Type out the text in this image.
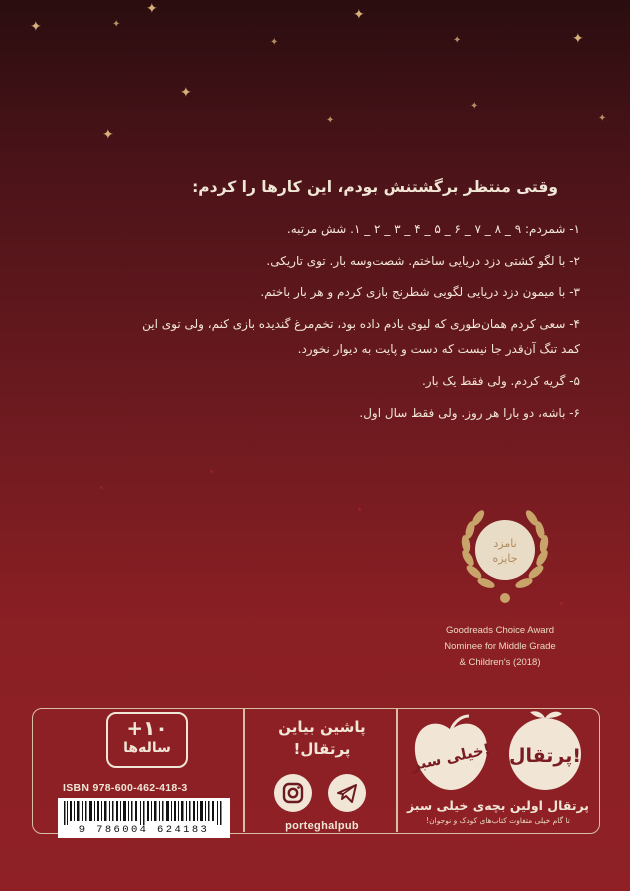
✦
✦
✦
✦
✦	✦
✦
✦
✦
✦
✦
✦
وقتی منتظر برگشتنش بودم، این کارها را کردم:
۱- شمردم: ۹ _ ۸ _ ۷ _ ۶ _ ۵ _ ۴ _ ۳ _ ۲ _ ۱. شش مرتبه.
۲- با لگو کشتی دزد دریایی ساختم. شصت‌وسه بار. توی تاریکی.
۳- با میمون دزد دریایی لگویی شطرنج بازی کردم و هر بار باختم.
۴- سعی کردم همان‌طوری که لیوی یادم داده بود، تخم‌مرغ گندیده بازی کنم، ولی توی این
کمد تنگ آن‌قدر جا نیست که دست و پایت به دیوار نخورد.
۵- گریه کردم. ولی فقط یک بار.
۶- باشه، دو بارا هر روز. ولی فقط سال اول.
نامزد
جایزه
Goodreads Choice Award
Nominee for Middle Grade
& Children's (2018)
+۱۰
ساله‌ها
ISBN 978-600-462-418-3
9 786004 624183
پاشین بیاین
پرتقال!
porteghalpub
خیلی سبز! پرتقال!
پرتقال اولین بچه‌ی خیلی سبز
تا گام خیلی متفاوت کتاب‌های کودک و نوجوان!
